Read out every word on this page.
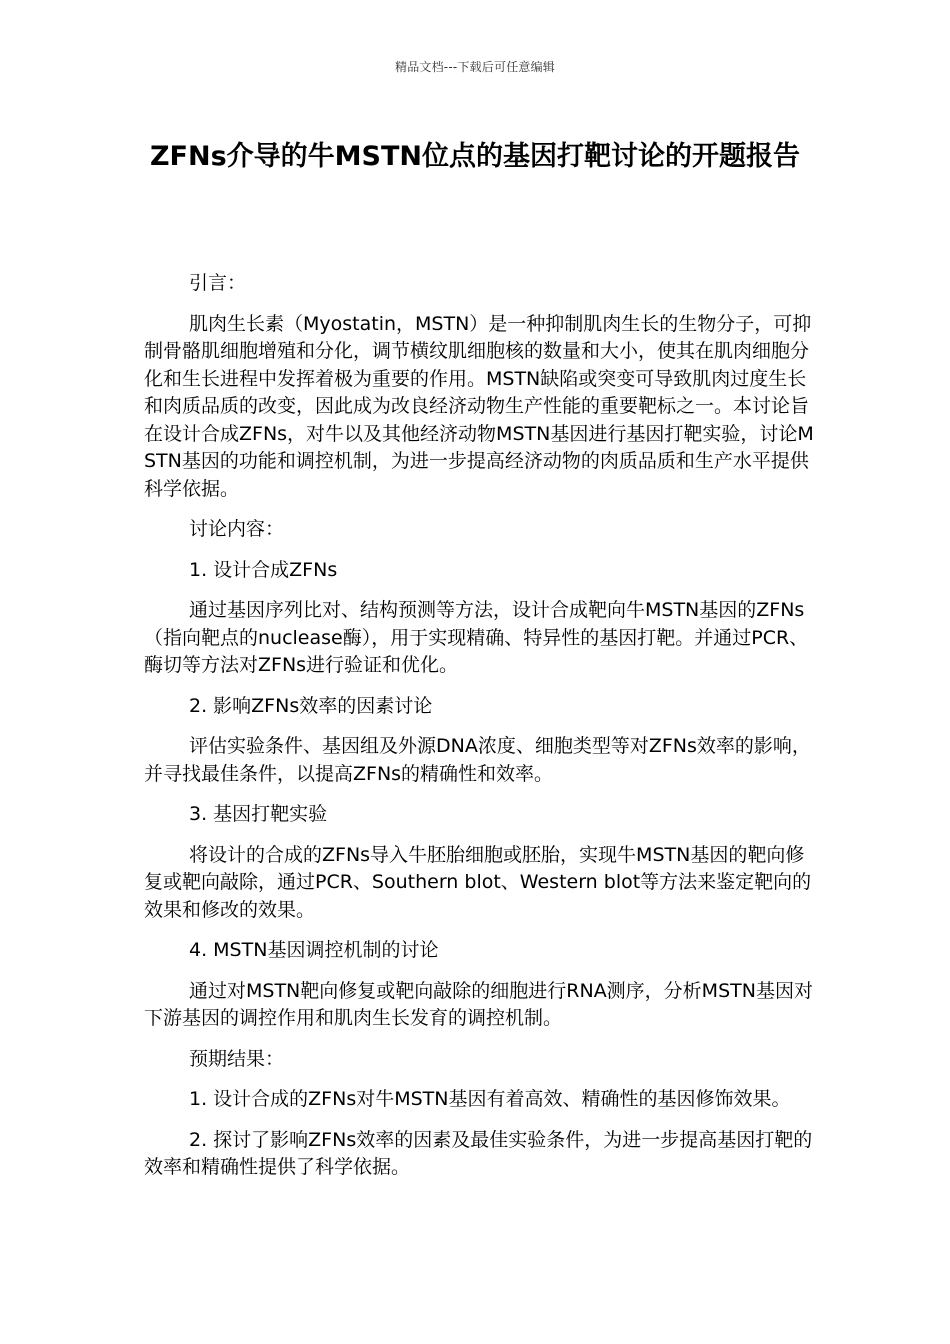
精品文档---下载后可任意编辑
ZFNs介导的牛MSTN位点的基因打靶讨论的开题报告

引言：

肌肉生长素（Myostatin，MSTN）是一种抑制肌肉生长的生物分子，可抑制骨骼肌细胞增殖和分化，调节横纹肌细胞核的数量和大小，使其在肌肉细胞分化和生长进程中发挥着极为重要的作用。MSTN缺陷或突变可导致肌肉过度生长和肉质品质的改变，因此成为改良经济动物生产性能的重要靶标之一。本讨论旨在设计合成ZFNs，对牛以及其他经济动物MSTN基因进行基因打靶实验，讨论MSTN基因的功能和调控机制，为进一步提高经济动物的肉质品质和生产水平提供科学依据。

讨论内容：

1. 设计合成ZFNs

通过基因序列比对、结构预测等方法，设计合成靶向牛MSTN基因的ZFNs （指向靶点的nuclease酶），用于实现精确、特异性的基因打靶。并通过PCR、酶切等方法对ZFNs进行验证和优化。

2. 影响ZFNs效率的因素讨论

评估实验条件、基因组及外源DNA浓度、细胞类型等对ZFNs效率的影响，并寻找最佳条件，以提高ZFNs的精确性和效率。

3. 基因打靶实验

将设计的合成的ZFNs导入牛胚胎细胞或胚胎，实现牛MSTN基因的靶向修复或靶向敲除，通过PCR、Southern blot、Western blot等方法来鉴定靶向的效果和修改的效果。

4. MSTN基因调控机制的讨论

通过对MSTN靶向修复或靶向敲除的细胞进行RNA测序，分析MSTN基因对下游基因的调控作用和肌肉生长发育的调控机制。

预期结果：

1. 设计合成的ZFNs对牛MSTN基因有着高效、精确性的基因修饰效果。

2. 探讨了影响ZFNs效率的因素及最佳实验条件，为进一步提高基因打靶的效率和精确性提供了科学依据。
